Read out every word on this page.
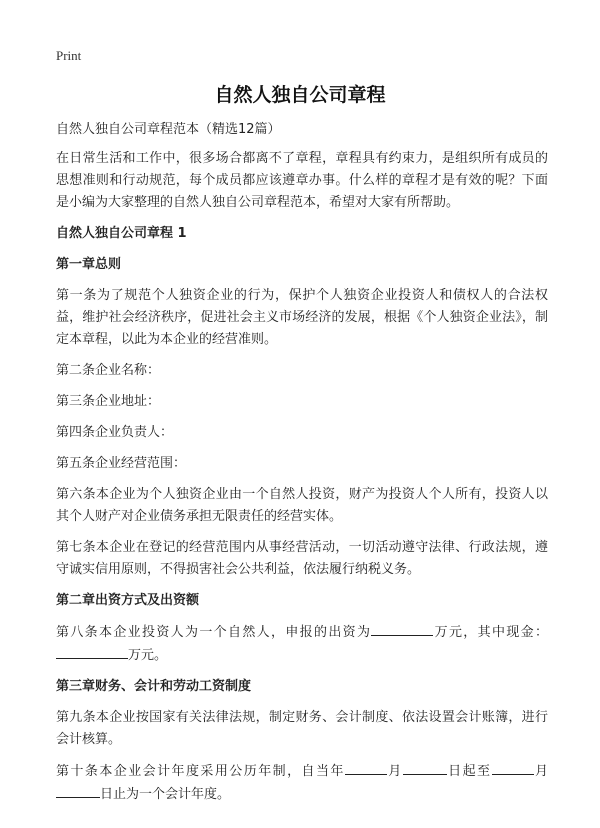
Print
自然人独自公司章程

自然人独自公司章程范本（精选12篇）

在日常生活和工作中，很多场合都离不了章程，章程具有约束力，是组织所有成员的思想准则和行动规范，每个成员都应该遵章办事。什么样的章程才是有效的呢？下面是小编为大家整理的自然人独自公司章程范本，希望对大家有所帮助。

自然人独自公司章程 1

第一章总则

第一条为了规范个人独资企业的行为，保护个人独资企业投资人和债权人的合法权益，维护社会经济秩序，促进社会主义市场经济的发展，根据《个人独资企业法》，制定本章程，以此为本企业的经营准则。

第二条企业名称：

第三条企业地址：

第四条企业负责人：

第五条企业经营范围：

第六条本企业为个人独资企业由一个自然人投资，财产为投资人个人所有，投资人以其个人财产对企业债务承担无限责任的经营实体。

第七条本企业在登记的经营范围内从事经营活动，一切活动遵守法律、行政法规，遵守诚实信用原则，不得损害社会公共利益，依法履行纳税义务。

第二章出资方式及出资额

第八条本企业投资人为一个自然人，申报的出资为	万元，其中现金：万元。

第三章财务、会计和劳动工资制度

第九条本企业按国家有关法律法规，制定财务、会计制度、依法设置会计账簿，进行会计核算。

第十条本企业会计年度采用公历年制，自当年	月	日起至	月日止为一个会计年度。
